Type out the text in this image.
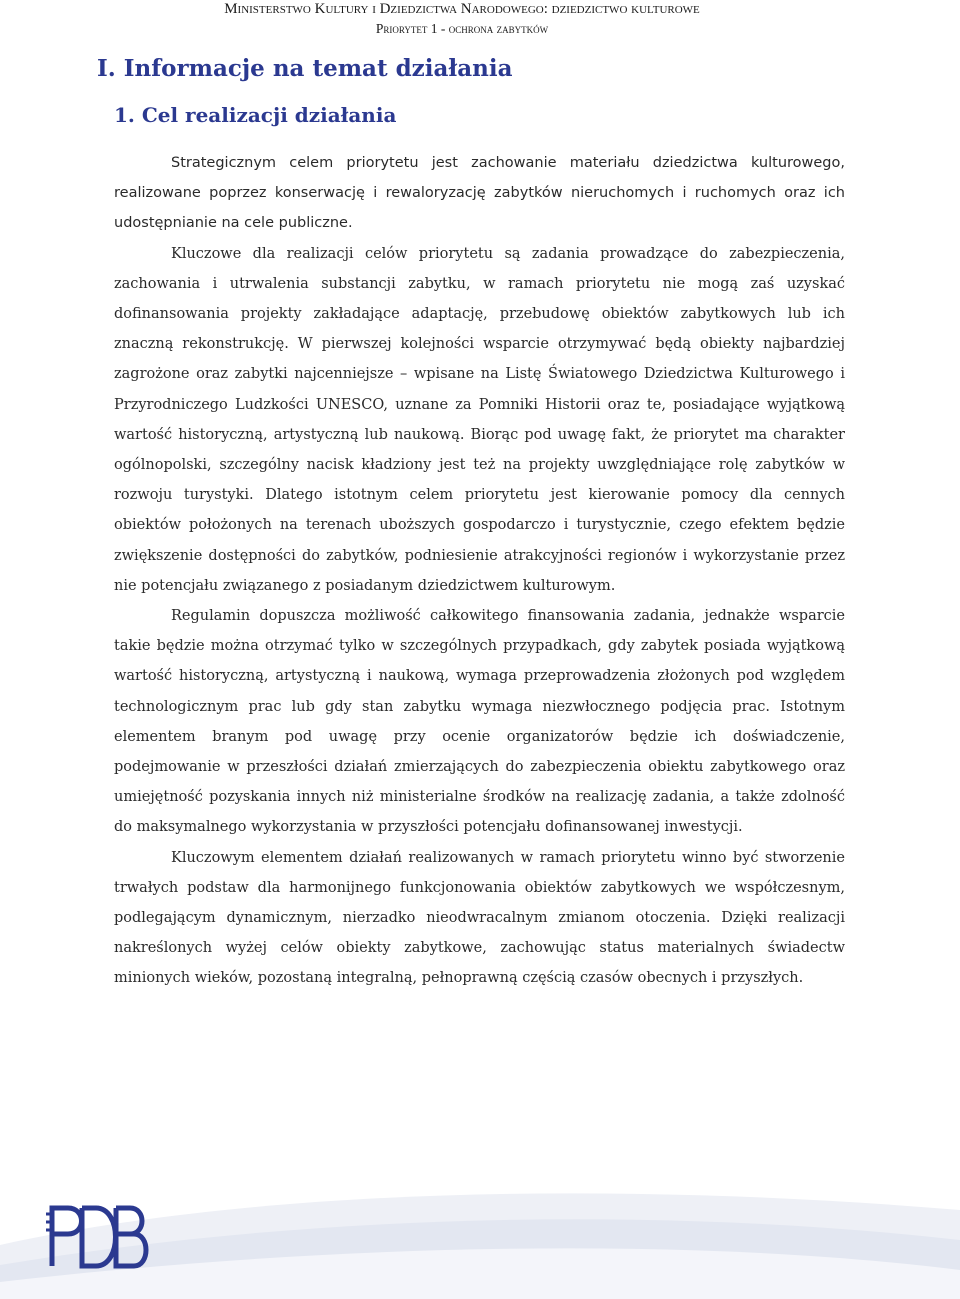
Ministerstwo Kultury i Dziedzictwa Narodowego: dziedzictwo kulturowe
Priorytet 1 - ochrona zabytków
I. Informacje na temat działania
1. Cel realizacji działania

Strategicznym celem priorytetu jest zachowanie materiału dziedzictwa kulturowego, realizowane poprzez konserwację i rewaloryzację zabytków nieruchomych i ruchomych oraz ich udostępnianie na cele publiczne.

Kluczowe dla realizacji celów priorytetu są zadania prowadzące do zabezpieczenia, zachowania i utrwalenia substancji zabytku, w ramach priorytetu nie mogą zaś uzyskać dofinansowania projekty zakładające adaptację, przebudowę obiektów zabytkowych lub ich znaczną rekonstrukcję. W pierwszej kolejności wsparcie otrzymywać będą obiekty najbardziej zagrożone oraz zabytki najcenniejsze – wpisane na Listę Światowego Dziedzictwa Kulturowego i Przyrodniczego Ludzkości UNESCO, uznane za Pomniki Historii oraz te, posiadające wyjątkową wartość historyczną, artystyczną lub naukową. Biorąc pod uwagę fakt, że priorytet ma charakter ogólnopolski, szczególny nacisk kładziony jest też na projekty uwzględniające rolę zabytków w rozwoju turystyki. Dlatego istotnym celem priorytetu jest kierowanie pomocy dla cennych obiektów położonych na terenach uboższych gospodarczo i turystycznie, czego efektem będzie zwiększenie dostępności do zabytków, podniesienie atrakcyjności regionów i wykorzystanie przez nie potencjału związanego z posiadanym dziedzictwem kulturowym.

Regulamin dopuszcza możliwość całkowitego finansowania zadania, jednakże wsparcie takie będzie można otrzymać tylko w szczególnych przypadkach, gdy zabytek posiada wyjątkową wartość historyczną, artystyczną i naukową, wymaga przeprowadzenia złożonych pod względem technologicznym prac lub gdy stan zabytku wymaga niezwłocznego podjęcia prac. Istotnym elementem branym pod uwagę przy ocenie organizatorów będzie ich doświadczenie, podejmowanie w przeszłości działań zmierzających do zabezpieczenia obiektu zabytkowego oraz umiejętność pozyskania innych niż ministerialne środków na realizację zadania, a także zdolność do maksymalnego wykorzystania w przyszłości potencjału dofinansowanej inwestycji.

Kluczowym elementem działań realizowanych w ramach priorytetu winno być stworzenie trwałych podstaw dla harmonijnego funkcjonowania obiektów zabytkowych we współczesnym, podlegającym dynamicznym, nierzadko nieodwracalnym zmianom otoczenia. Dzięki realizacji nakreślonych wyżej celów obiekty zabytkowe, zachowując status materialnych świadectw minionych wieków, pozostaną integralną, pełnoprawną częścią czasów obecnych i przyszłych.
